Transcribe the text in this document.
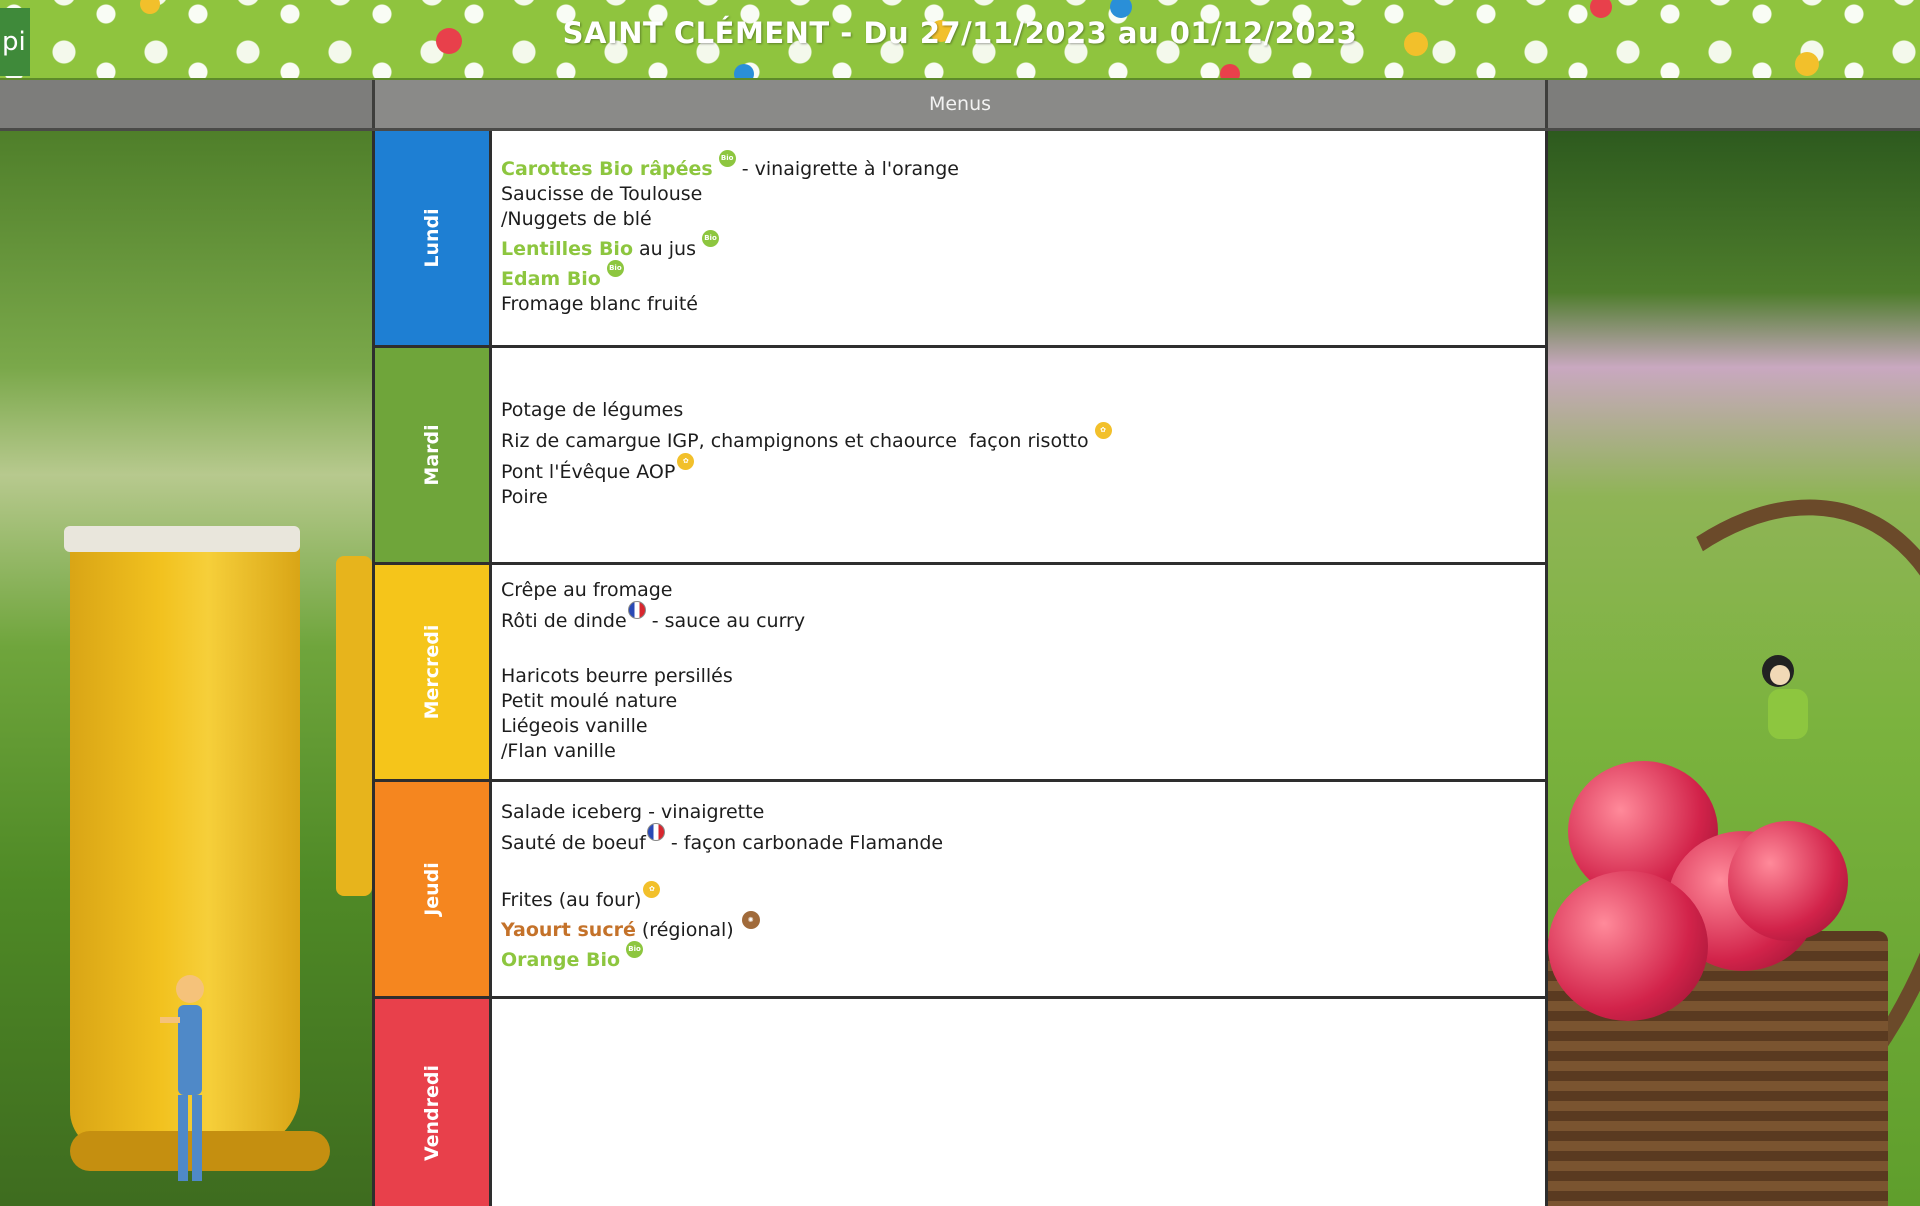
pi	SAINT CLÉMENT - Du 27/11/2023 au 01/12/2023
Menus
Lundi
Carottes Bio râpées	Bio - vinaigrette à l'orange
Saucisse de Toulouse
/Nuggets de blé
Lentilles Bio au jus	Bio
Edam Bio	Bio
Fromage blanc fruité
Mardi
Potage de légumes
Riz de camargue IGP, champignons et chaource  façon risotto	✿
Pont l'Évêque AOP	✿
Poire
Mercredi
Crêpe au fromage
Rôti de dinde - sauce au curry
Haricots beurre persillés
Petit moulé nature
Liégeois vanille
/Flan vanille
Jeudi
Salade iceberg - vinaigrette
Sauté de boeuf - façon carbonade Flamande
Frites (au four)	✿
Yaourt sucré (régional)	✺
Orange Bio	Bio
Vendredi
